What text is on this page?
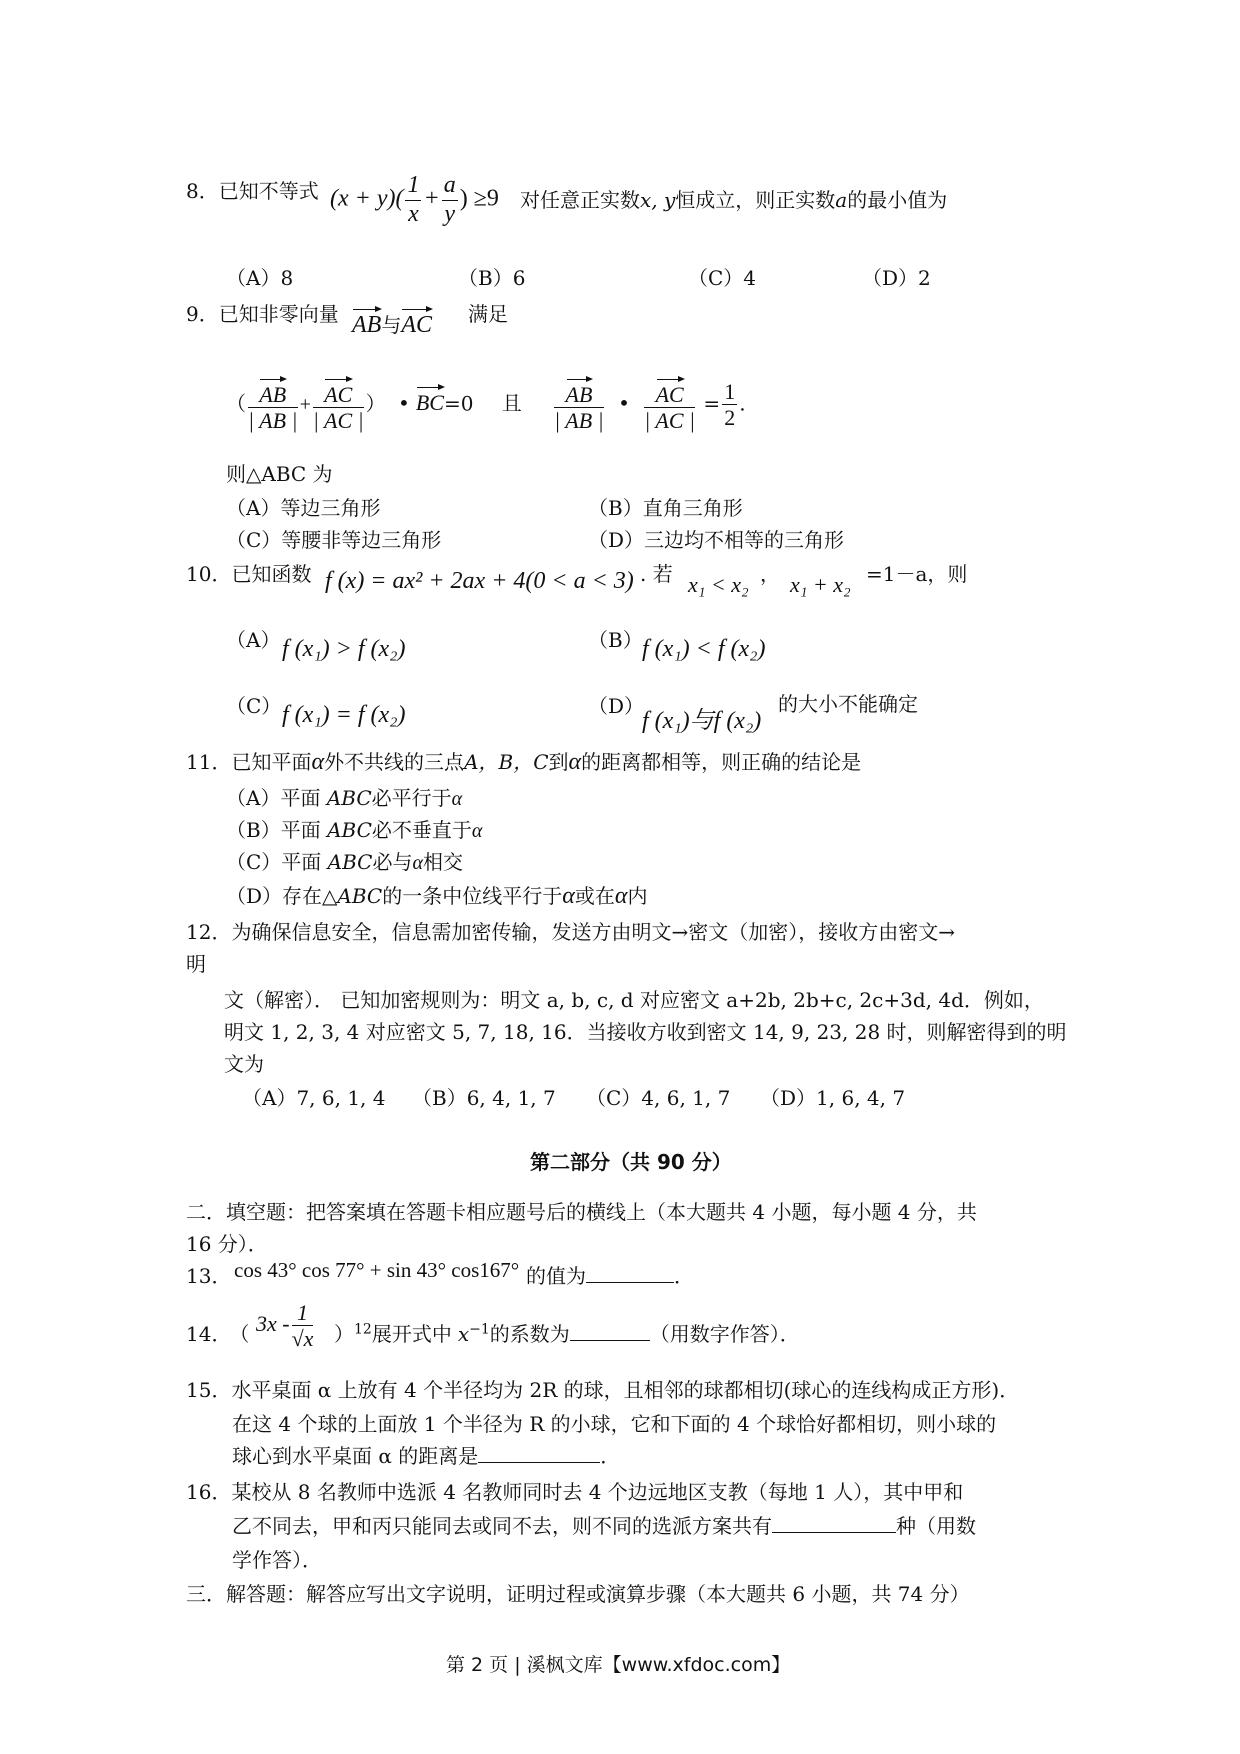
8．已知不等式 $(x + y)( \frac{1}{x} + \frac{a}{y}$ ) ≥9 对任意正实数x, y恒成立，则正实数a的最小值为
（A）8	（B）6	（C）4	（D）2
9．已知非零向量 AB与AC 满足
（ $\frac{AB}{| AB |} + \frac{AC}{| AC |}$ ） • BC=0 且 $\frac{AB}{| AB |}$ • $\frac{AC}{| AC |} = \frac{1}{2}$ .
则△ABC 为
（A）等边三角形	（B）直角三角形
（C）等腰非等边三角形	（D）三边均不相等的三角形
10．已知函数 f (x) = ax² + 2ax + 4(0 < a < 3) . 若 x₁ < x₂ ， x₁ + x₂ =1－a，则
（A） f (x₁) > f (x₂)	（B） f (x₁) < f (x₂)
（C） f (x₁) = f (x₂)	（D）
f (x₁)与f (x₂)
的大小不能确定
11．已知平面α外不共线的三点A，B，C到α的距离都相等，则正确的结论是
（A）平面 ABC必平行于α
（B）平面 ABC必不垂直于α
（C）平面 ABC必与α相交
（D）存在△ABC的一条中位线平行于α或在α内
12．为确保信息安全，信息需加密传输，发送方由明文→密文（加密），接收方由密文→
明
文（解密）． 已知加密规则为：明文 a, b, c, d 对应密文 a+2b, 2b+c, 2c+3d, 4d．例如，
明文 1, 2, 3, 4 对应密文 5, 7, 18, 16．当接收方收到密文 14, 9, 23, 28 时，则解密得到的明
文为
（A）7, 6, 1, 4 （B）6, 4, 1, 7 （C）4, 6, 1, 7 （D）1, 6, 4, 7
第二部分（共 90 分）
二．填空题：把答案填在答题卡相应题号后的横线上（本大题共 4 小题，每小题 4 分，共
16 分）．
13． cos 43° cos 77° + sin 43° cos167° 的值为	．
14． （ $3x - \frac{1}{√x} )^{12}$展开式中 $x^{-1}$的系数为	（用数字作答）．
15．水平桌面 α 上放有 4 个半径均为 2R 的球，且相邻的球都相切(球心的连线构成正方形)．
在这 4 个球的上面放 1 个半径为 R 的小球，它和下面的 4 个球恰好都相切，则小球的
球心到水平桌面 α 的距离是	．
16．某校从 8 名教师中选派 4 名教师同时去 4 个边远地区支教（每地 1 人），其中甲和
乙不同去，甲和丙只能同去或同不去，则不同的选派方案共有	种（用数
学作答）．
三．解答题：解答应写出文字说明，证明过程或演算步骤（本大题共 6 小题，共 74 分）
第 2 页 | 溪枫文库【www.xfdoc.com】
